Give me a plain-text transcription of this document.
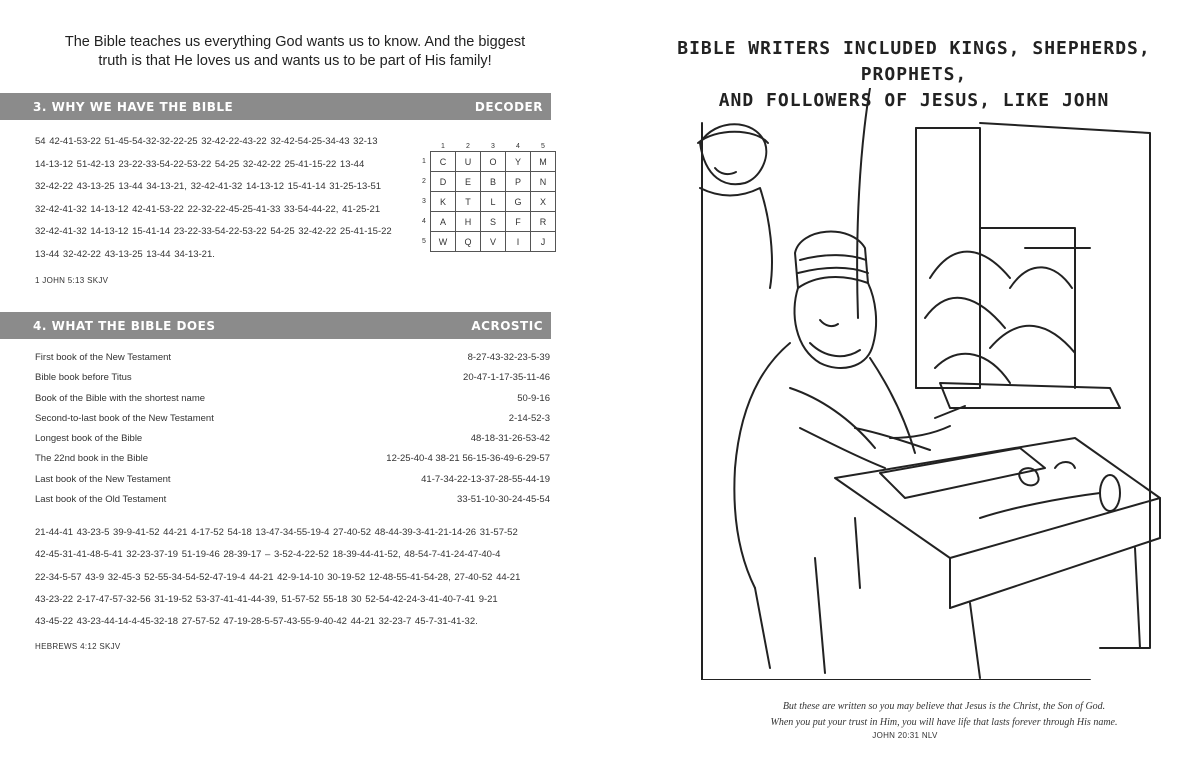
The Bible teaches us everything God wants us to know. And the biggest
truth is that He loves us and wants us to be part of His family!
3. WHY WE HAVE THE BIBLE	DECODER
54 42-41-53-22 51-45-54-32-32-22-25 32-42-22-43-22 32-42-54-25-34-43 32-13
14-13-12 51-42-13 23-22-33-54-22-53-22 54-25 32-42-22 25-41-15-22 13-44
32-42-22 43-13-25 13-44 34-13-21, 32-42-41-32 14-13-12 15-41-14 31-25-13-51
32-42-41-32 14-13-12 42-41-53-22 22-32-22-45-25-41-33 33-54-44-22, 41-25-21
32-42-41-32 14-13-12 15-41-14 23-22-33-54-22-53-22 54-25 32-42-22 25-41-15-22
13-44 32-42-22 43-13-25 13-44 34-13-21.
1 JOHN 5:13 SKJV
	1	2	3	4	5
1	C	U	O	Y	M
2	D	E	B	P	N
3	K	T	L	G	X
4	A	H	S	F	R
5	W	Q	V	I	J
4. WHAT THE BIBLE DOES	ACROSTIC
First book of the New Testament	8-27-43-32-23-5-39
Bible book before Titus	20-47-1-17-35-11-46
Book of the Bible with the shortest name	50-9-16
Second-to-last book of the New Testament	2-14-52-3
Longest book of the Bible	48-18-31-26-53-42
The 22nd book in the Bible	12-25-40-4 38-21 56-15-36-49-6-29-57
Last book of the New Testament	41-7-34-22-13-37-28-55-44-19
Last book of the Old Testament	33-51-10-30-24-45-54
21-44-41 43-23-5 39-9-41-52 44-21 4-17-52 54-18 13-47-34-55-19-4 27-40-52 48-44-39-3-41-21-14-26 31-57-52
42-45-31-41-48-5-41 32-23-37-19 51-19-46 28-39-17 – 3-52-4-22-52 18-39-44-41-52, 48-54-7-41-24-47-40-4
22-34-5-57 43-9 32-45-3 52-55-34-54-52-47-19-4 44-21 42-9-14-10 30-19-52 12-48-55-41-54-28, 27-40-52 44-21
43-23-22 2-17-47-57-32-56 31-19-52 53-37-41-41-44-39, 51-57-52 55-18 30 52-54-42-24-3-41-40-7-41 9-21
43-45-22 43-23-44-14-4-45-32-18 27-57-52 47-19-28-5-57-43-55-9-40-42 44-21 32-23-7 45-7-31-41-32.
HEBREWS 4:12 SKJV
BIBLE WRITERS INCLUDED KINGS, SHEPHERDS, PROPHETS,
AND FOLLOWERS OF JESUS, LIKE JOHN
But these are written so you may believe that Jesus is the Christ, the Son of God.
When you put your trust in Him, you will have life that lasts forever through His name.
JOHN 20:31 NLV
